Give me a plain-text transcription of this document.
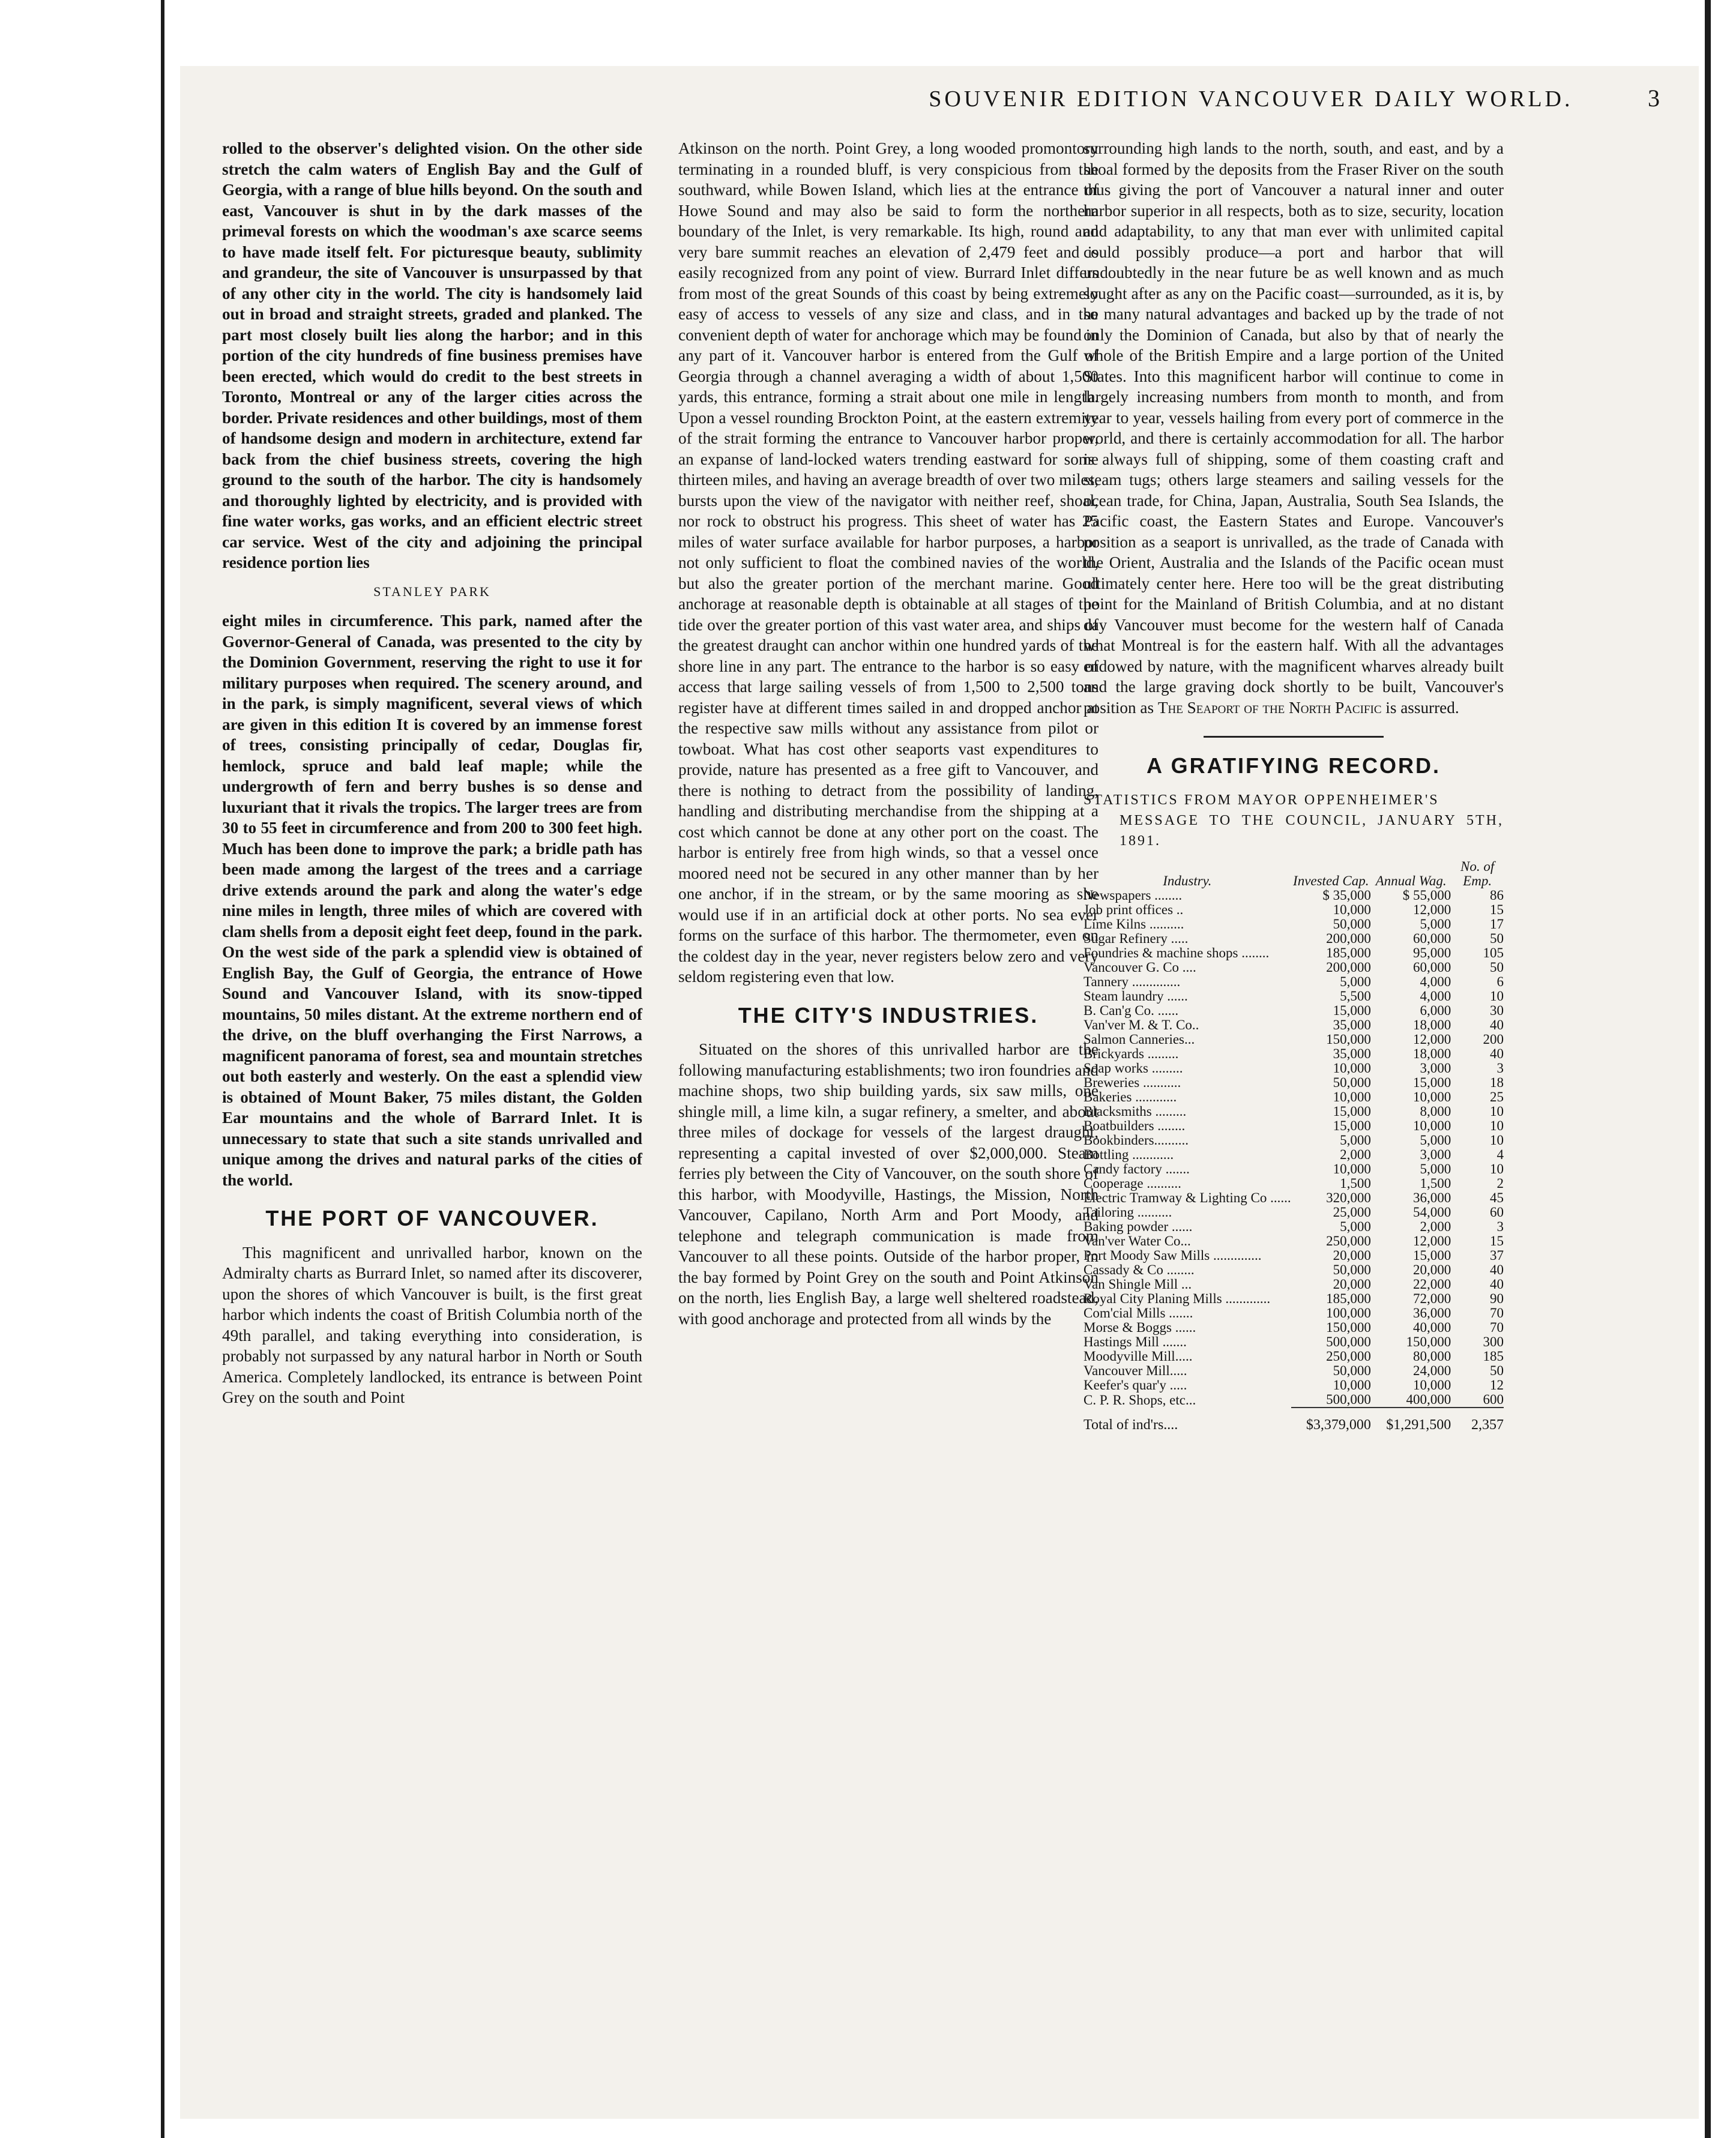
SOUVENIR EDITION VANCOUVER DAILY WORLD.	3

rolled to the observer's delighted vision. On the other side stretch the calm waters of English Bay and the Gulf of Georgia, with a range of blue hills beyond. On the south and east, Vancouver is shut in by the dark masses of the primeval forests on which the woodman's axe scarce seems to have made itself felt. For picturesque beauty, sublimity and grandeur, the site of Vancouver is unsurpassed by that of any other city in the world. The city is handsomely laid out in broad and straight streets, graded and planked. The part most closely built lies along the harbor; and in this portion of the city hundreds of fine business premises have been erected, which would do credit to the best streets in Toronto, Montreal or any of the larger cities across the border. Private residences and other buildings, most of them of handsome design and modern in architecture, extend far back from the chief business streets, covering the high ground to the south of the harbor. The city is handsomely and thoroughly lighted by electricity, and is provided with fine water works, gas works, and an efficient electric street car service. West of the city and adjoining the principal residence portion lies

STANLEY PARK

eight miles in circumference. This park, named after the Governor-General of Canada, was presented to the city by the Dominion Government, reserving the right to use it for military purposes when required. The scenery around, and in the park, is simply magnificent, several views of which are given in this edition It is covered by an immense forest of trees, consisting principally of cedar, Douglas fir, hemlock, spruce and bald leaf maple; while the undergrowth of fern and berry bushes is so dense and luxuriant that it rivals the tropics. The larger trees are from 30 to 55 feet in circumference and from 200 to 300 feet high. Much has been done to improve the park; a bridle path has been made among the largest of the trees and a carriage drive extends around the park and along the water's edge nine miles in length, three miles of which are covered with clam shells from a deposit eight feet deep, found in the park. On the west side of the park a splendid view is obtained of English Bay, the Gulf of Georgia, the entrance of Howe Sound and Vancouver Island, with its snow-tipped mountains, 50 miles distant. At the extreme northern end of the drive, on the bluff overhanging the First Narrows, a magnificent panorama of forest, sea and mountain stretches out both easterly and westerly. On the east a splendid view is obtained of Mount Baker, 75 miles distant, the Golden Ear mountains and the whole of Barrard Inlet. It is unnecessary to state that such a site stands unrivalled and unique among the drives and natural parks of the cities of the world.

THE PORT OF VANCOUVER.

This magnificent and unrivalled harbor, known on the Admiralty charts as Burrard Inlet, so named after its discoverer, upon the shores of which Vancouver is built, is the first great harbor which indents the coast of British Columbia north of the 49th parallel, and taking everything into consideration, is probably not surpassed by any natural harbor in North or South America. Completely landlocked, its entrance is between Point Grey on the south and Point

Atkinson on the north. Point Grey, a long wooded promontory terminating in a rounded bluff, is very conspicious from the southward, while Bowen Island, which lies at the entrance of Howe Sound and may also be said to form the northern boundary of the Inlet, is very remarkable. Its high, round and very bare summit reaches an elevation of 2,479 feet and is easily recognized from any point of view. Burrard Inlet differs from most of the great Sounds of this coast by being extremely easy of access to vessels of any size and class, and in the convenient depth of water for anchorage which may be found in any part of it. Vancouver harbor is entered from the Gulf of Georgia through a channel averaging a width of about 1,500 yards, this entrance, forming a strait about one mile in length. Upon a vessel rounding Brockton Point, at the eastern extremity of the strait forming the entrance to Vancouver harbor proper, an expanse of land-locked waters trending eastward for some thirteen miles, and having an average breadth of over two miles, bursts upon the view of the navigator with neither reef, shoal, nor rock to obstruct his progress. This sheet of water has 25 miles of water surface available for harbor purposes, a harbor not only sufficient to float the combined navies of the world, but also the greater portion of the merchant marine. Good anchorage at reasonable depth is obtainable at all stages of the tide over the greater portion of this vast water area, and ships of the greatest draught can anchor within one hundred yards of the shore line in any part. The entrance to the harbor is so easy of access that large sailing vessels of from 1,500 to 2,500 tons register have at different times sailed in and dropped anchor at the respective saw mills without any assistance from pilot or towboat. What has cost other seaports vast expenditures to provide, nature has presented as a free gift to Vancouver, and there is nothing to detract from the possibility of landing, handling and distributing merchandise from the shipping at a cost which cannot be done at any other port on the coast. The harbor is entirely free from high winds, so that a vessel once moored need not be secured in any other manner than by her one anchor, if in the stream, or by the same mooring as she would use if in an artificial dock at other ports. No sea ever forms on the surface of this harbor. The thermometer, even on the coldest day in the year, never registers below zero and very seldom registering even that low.

THE CITY'S INDUSTRIES.

Situated on the shores of this unrivalled harbor are the following manufacturing establishments; two iron foundries and machine shops, two ship building yards, six saw mills, one shingle mill, a lime kiln, a sugar refinery, a smelter, and about three miles of dockage for vessels of the largest draught, representing a capital invested of over $2,000,000. Steam ferries ply between the City of Vancouver, on the south shore of this harbor, with Moodyville, Hastings, the Mission, North Vancouver, Capilano, North Arm and Port Moody, and telephone and telegraph communication is made from Vancouver to all these points. Outside of the harbor proper, in the bay formed by Point Grey on the south and Point Atkinson on the north, lies English Bay, a large well sheltered roadstead, with good anchorage and protected from all winds by the

surrounding high lands to the north, south, and east, and by a shoal formed by the deposits from the Fraser River on the south thus giving the port of Vancouver a natural inner and outer harbor superior in all respects, both as to size, security, location and adaptability, to any that man ever with unlimited capital could possibly produce—a port and harbor that will undoubtedly in the near future be as well known and as much sought after as any on the Pacific coast—surrounded, as it is, by so many natural advantages and backed up by the trade of not only the Dominion of Canada, but also by that of nearly the whole of the British Empire and a large portion of the United States. Into this magnificent harbor will continue to come in largely increasing numbers from month to month, and from year to year, vessels hailing from every port of commerce in the world, and there is certainly accommodation for all. The harbor is always full of shipping, some of them coasting craft and steam tugs; others large steamers and sailing vessels for the ocean trade, for China, Japan, Australia, South Sea Islands, the Pacific coast, the Eastern States and Europe. Vancouver's position as a seaport is unrivalled, as the trade of Canada with the Orient, Australia and the Islands of the Pacific ocean must ultimately center here. Here too will be the great distributing point for the Mainland of British Columbia, and at no distant day Vancouver must become for the western half of Canada what Montreal is for the eastern half. With all the advantages endowed by nature, with the magnificent wharves already built and the large graving dock shortly to be built, Vancouver's position as The Seaport of the North Pacific is assurred.

A GRATIFYING RECORD.
STATISTICS FROM MAYOR OPPENHEIMER'S
MESSAGE TO THE COUNCIL, JANUARY 5TH, 1891.
Industry.	Invested Cap.	Annual Wag.	No. of Emp.
Newspapers ........	$ 35,000	$ 55,000	86
Job print offices ..	10,000	12,000	15
Lime Kilns ..........	50,000	5,000	17
Sugar Refinery .....	200,000	60,000	50
Foundries & machine shops ........	185,000	95,000	105
Vancouver G. Co ....	200,000	60,000	50
Tannery ..............	5,000	4,000	6
Steam laundry ......	5,500	4,000	10
B. Can'g Co. ......	15,000	6,000	30
Van'ver M. & T. Co..	35,000	18,000	40
Salmon Canneries...	150,000	12,000	200
Brickyards .........	35,000	18,000	40
Soap works .........	10,000	3,000	3
Breweries ...........	50,000	15,000	18
Bakeries ............	10,000	10,000	25
Blacksmiths .........	15,000	8,000	10
Boatbuilders ........	15,000	10,000	10
Bookbinders..........	5,000	5,000	10
Bottling ............	2,000	3,000	4
Candy factory .......	10,000	5,000	10
Cooperage ..........	1,500	1,500	2
Electric Tramway & Lighting Co ......	320,000	36,000	45
Tailoring ..........	25,000	54,000	60
Baking powder ......	5,000	2,000	3
Van'ver Water Co...	250,000	12,000	15
Port Moody Saw Mills ..............	20,000	15,000	37
Cassady & Co ........	50,000	20,000	40
Van Shingle Mill ...	20,000	22,000	40
Royal City Planing Mills .............	185,000	72,000	90
Com'cial Mills .......	100,000	36,000	70
Morse & Boggs ......	150,000	40,000	70
Hastings Mill .......	500,000	150,000	300
Moodyville Mill.....	250,000	80,000	185
Vancouver Mill.....	50,000	24,000	50
Keefer's quar'y .....	10,000	10,000	12
C. P. R. Shops, etc...	500,000	400,000	600
Total of ind'rs....	$3,379,000	$1,291,500	2,357
